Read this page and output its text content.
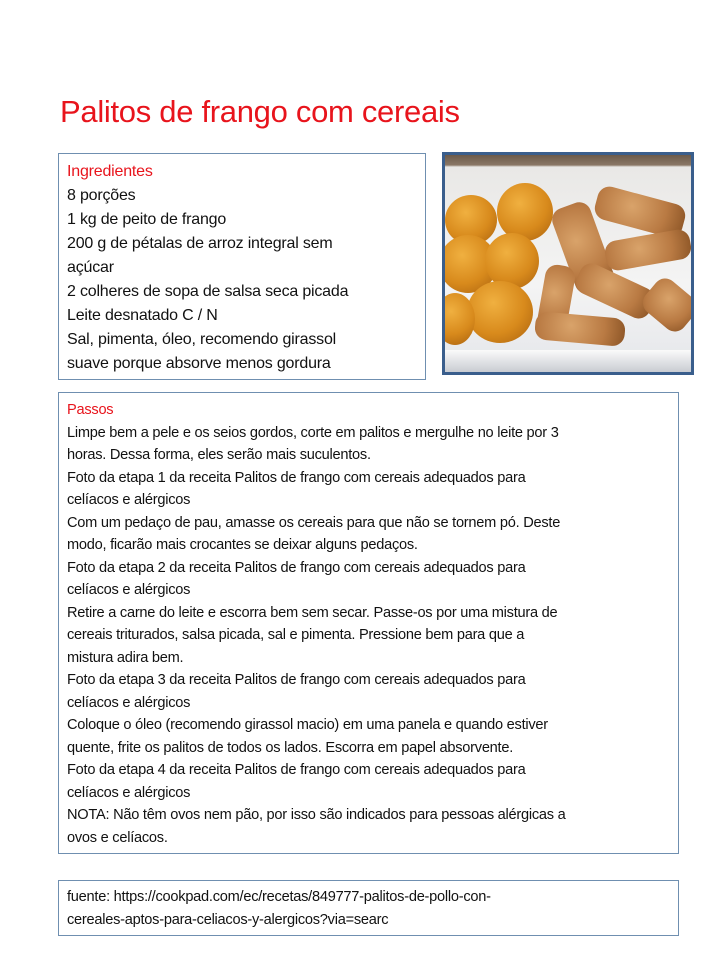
Palitos de frango com cereais
Ingredientes
8 porções
1 kg de peito de frango
200 g de pétalas de arroz integral sem
açúcar
2 colheres de sopa de salsa seca picada
Leite desnatado C / N
Sal, pimenta, óleo, recomendo girassol
suave porque absorve menos gordura
Passos
Limpe bem a pele e os seios gordos, corte em palitos e mergulhe no leite por 3
horas. Dessa forma, eles serão mais suculentos.
Foto da etapa 1 da receita Palitos de frango com cereais adequados para
celíacos e alérgicos
Com um pedaço de pau, amasse os cereais para que não se tornem pó. Deste
modo, ficarão mais crocantes se deixar alguns pedaços.
Foto da etapa 2 da receita Palitos de frango com cereais adequados para
celíacos e alérgicos
Retire a carne do leite e escorra bem sem secar. Passe-os por uma mistura de
cereais triturados, salsa picada, sal e pimenta. Pressione bem para que a
mistura adira bem.
Foto da etapa 3 da receita Palitos de frango com cereais adequados para
celíacos e alérgicos
Coloque o óleo (recomendo girassol macio) em uma panela e quando estiver
quente, frite os palitos de todos os lados. Escorra em papel absorvente.
Foto da etapa 4 da receita Palitos de frango com cereais adequados para
celíacos e alérgicos
NOTA: Não têm ovos nem pão, por isso são indicados para pessoas alérgicas a
ovos e celíacos.
fuente: https://cookpad.com/ec/recetas/849777-palitos-de-pollo-con-
cereales-aptos-para-celiacos-y-alergicos?via=searc
